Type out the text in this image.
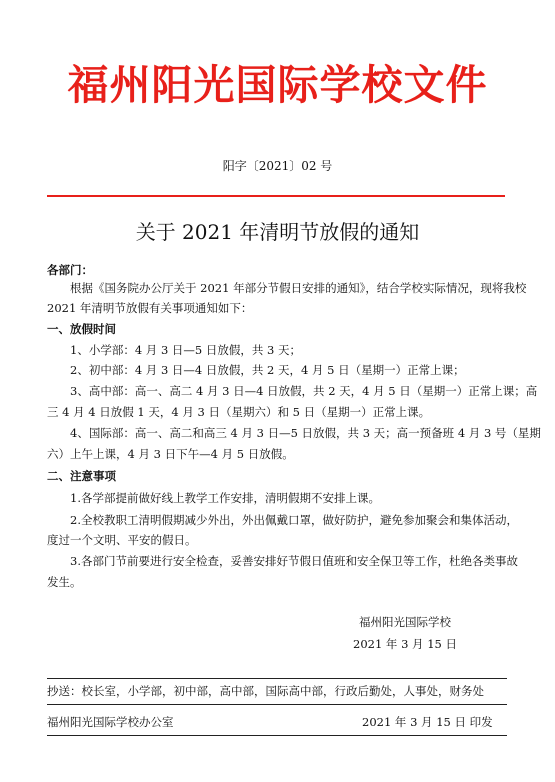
福州阳光国际学校文件
阳字〔2021〕02 号
关于 2021 年清明节放假的通知
各部门：
根据《国务院办公厅关于 2021 年部分节假日安排的通知》，结合学校实际情况，现将我校
2021 年清明节放假有关事项通知如下：
一、放假时间
1、小学部：4 月 3 日—5 日放假，共 3 天；
2、初中部：4 月 3 日—4 日放假，共 2 天，4 月 5 日（星期一）正常上课；
3、高中部：高一、高二 4 月 3 日—4 日放假，共 2 天，4 月 5 日（星期一）正常上课；高
三 4 月 4 日放假 1 天，4 月 3 日（星期六）和 5 日（星期一）正常上课。
4、国际部：高一、高二和高三 4 月 3 日—5 日放假，共 3 天；高一预备班 4 月 3 号（星期
六）上午上课，4 月 3 日下午—4 月 5 日放假。
二、注意事项
1.各学部提前做好线上教学工作安排，清明假期不安排上课。
2.全校教职工清明假期减少外出，外出佩戴口罩，做好防护，避免参加聚会和集体活动，
度过一个文明、平安的假日。
3.各部门节前要进行安全检查，妥善安排好节假日值班和安全保卫等工作，杜绝各类事故
发生。
福州阳光国际学校
2021 年 3 月 15 日
抄送：校长室，小学部，初中部，高中部，国际高中部，行政后勤处，人事处，财务处
福州阳光国际学校办公室	2021 年 3 月 15 日 印发
